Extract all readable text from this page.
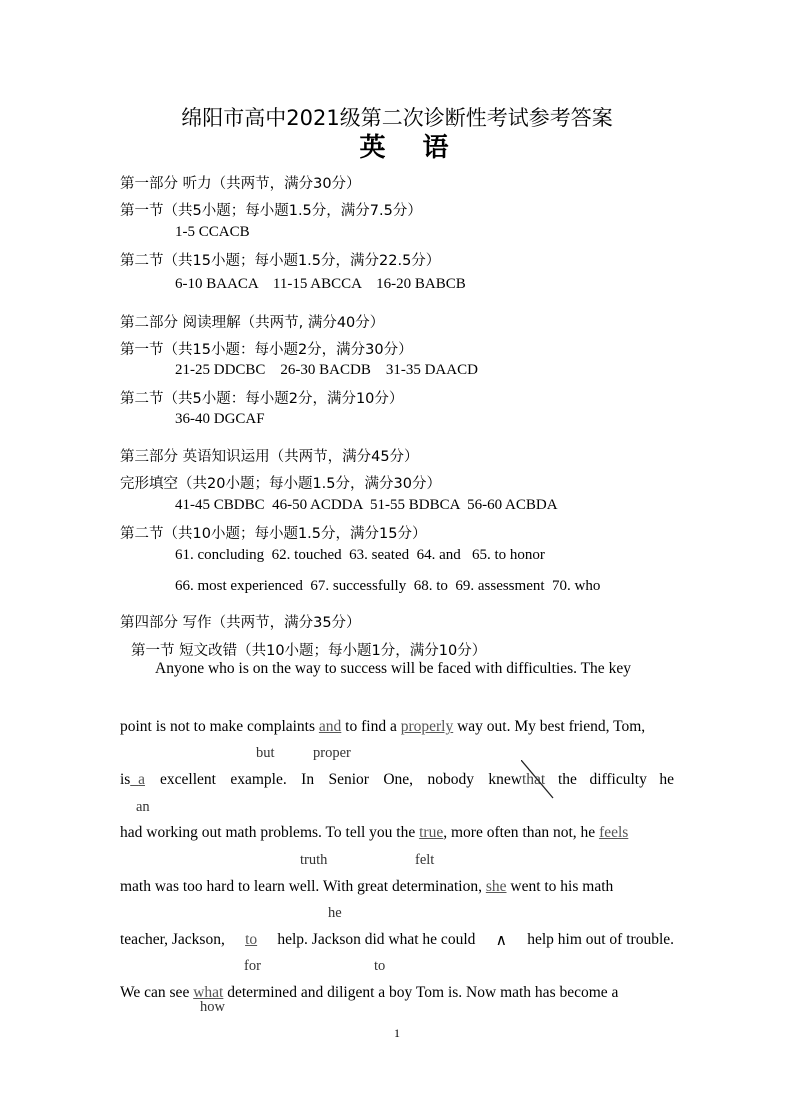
绵阳市高中2021级第二次诊断性考试参考答案
英 语
第一部分 听力（共两节，满分30分）
第一节（共5小题；每小题1.5分，满分7.5分）
1-5 CCACB
第二节（共15小题；每小题1.5分，满分22.5分）
6-10 BAACA    11-15 ABCCA    16-20 BABCB
第二部分 阅读理解（共两节, 满分40分）
第一节（共15小题：每小题2分，满分30分）
21-25 DDCBC    26-30 BACDB    31-35 DAACD
第二节（共5小题：每小题2分，满分10分）
36-40 DGCAF
第三部分 英语知识运用（共两节，满分45分）
完形填空（共20小题；每小题1.5分，满分30分）
41-45 CBDBC  46-50 ACDDA  51-55 BDBCA  56-60 ACBDA
第二节（共10小题；每小题1.5分，满分15分）
61. concluding  62. touched  63. seated  64. and   65. to honor
66. most experienced  67. successfully  68. to  69. assessment  70. who
第四部分 写作（共两节，满分35分）
第一节 短文改错（共10小题；每小题1分，满分10分）
Anyone who is on the way to success will be faced with difficulties. The key
point is not to make complaints and to find a properly way out. My best friend, Tom,
but	proper
is_a excellent example. In Senior One, nobody knew that the difficulty he
an
had working out math problems. To tell you the true, more often than not, he feels
truth	felt
math was too hard to learn well. With great determination, she went to his math
he
teacher, Jackson, to help. Jackson did what he could ∧ help him out of trouble.
for	to
We can see what determined and diligent a boy Tom is. Now math has become a
how
1
